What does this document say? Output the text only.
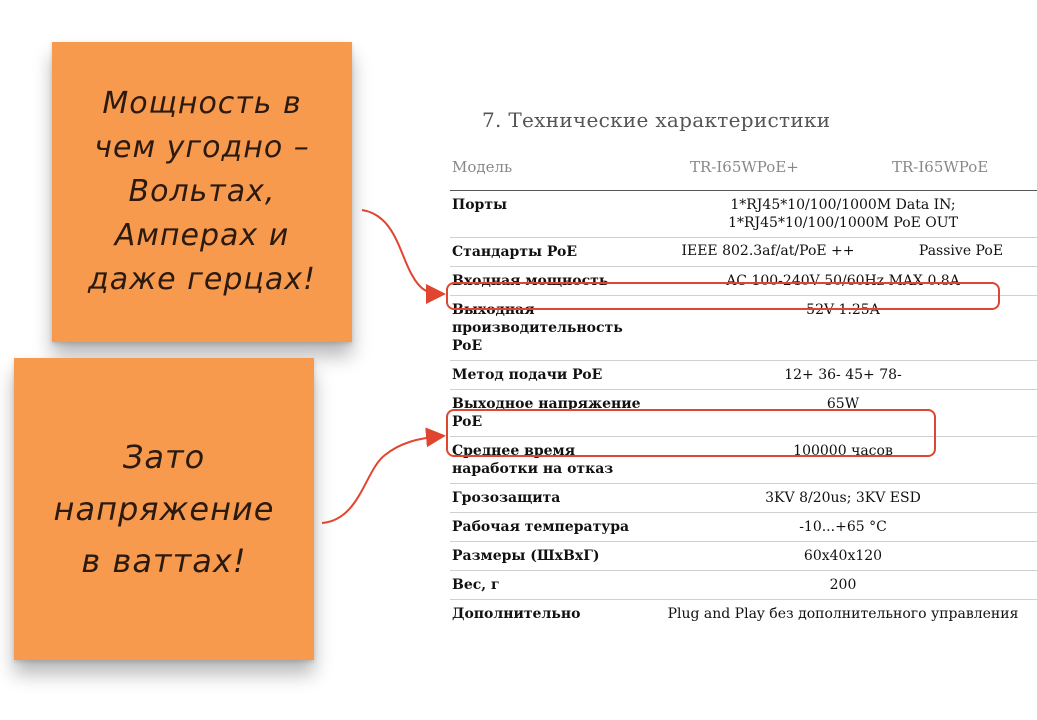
Мощность в
чем угодно –
Вольтах,
Амперах и
даже герцах!
Зато
напряжение
в ваттах!
7. Технические характеристики
Модель	TR-I65WPoE+	TR-I65WPoE
Порты	1*RJ45*10/100/1000M Data IN;
1*RJ45*10/100/1000M PoE OUT	

Стандарты PoE	IEEE 802.3af/at/PoE ++	Passive PoE
Входная мощность	AC 100-240V 50/60Hz MAX 0.8A	

Выходная
производительность
PoE	52V 1.25A	
Метод подачи PoE	12+ 36- 45+ 78-	

Выходное напряжение
PoE	65W	

Среднее время
наработки на отказ	100000 часов	
Грозозащита	3KV 8/20us; 3KV ESD	
Рабочая температура	-10...+65 °C	
Размеры (ШхВхГ)	60x40x120	
Вес, г	200	
Дополнительно	Plug and Play без дополнительного управления	
